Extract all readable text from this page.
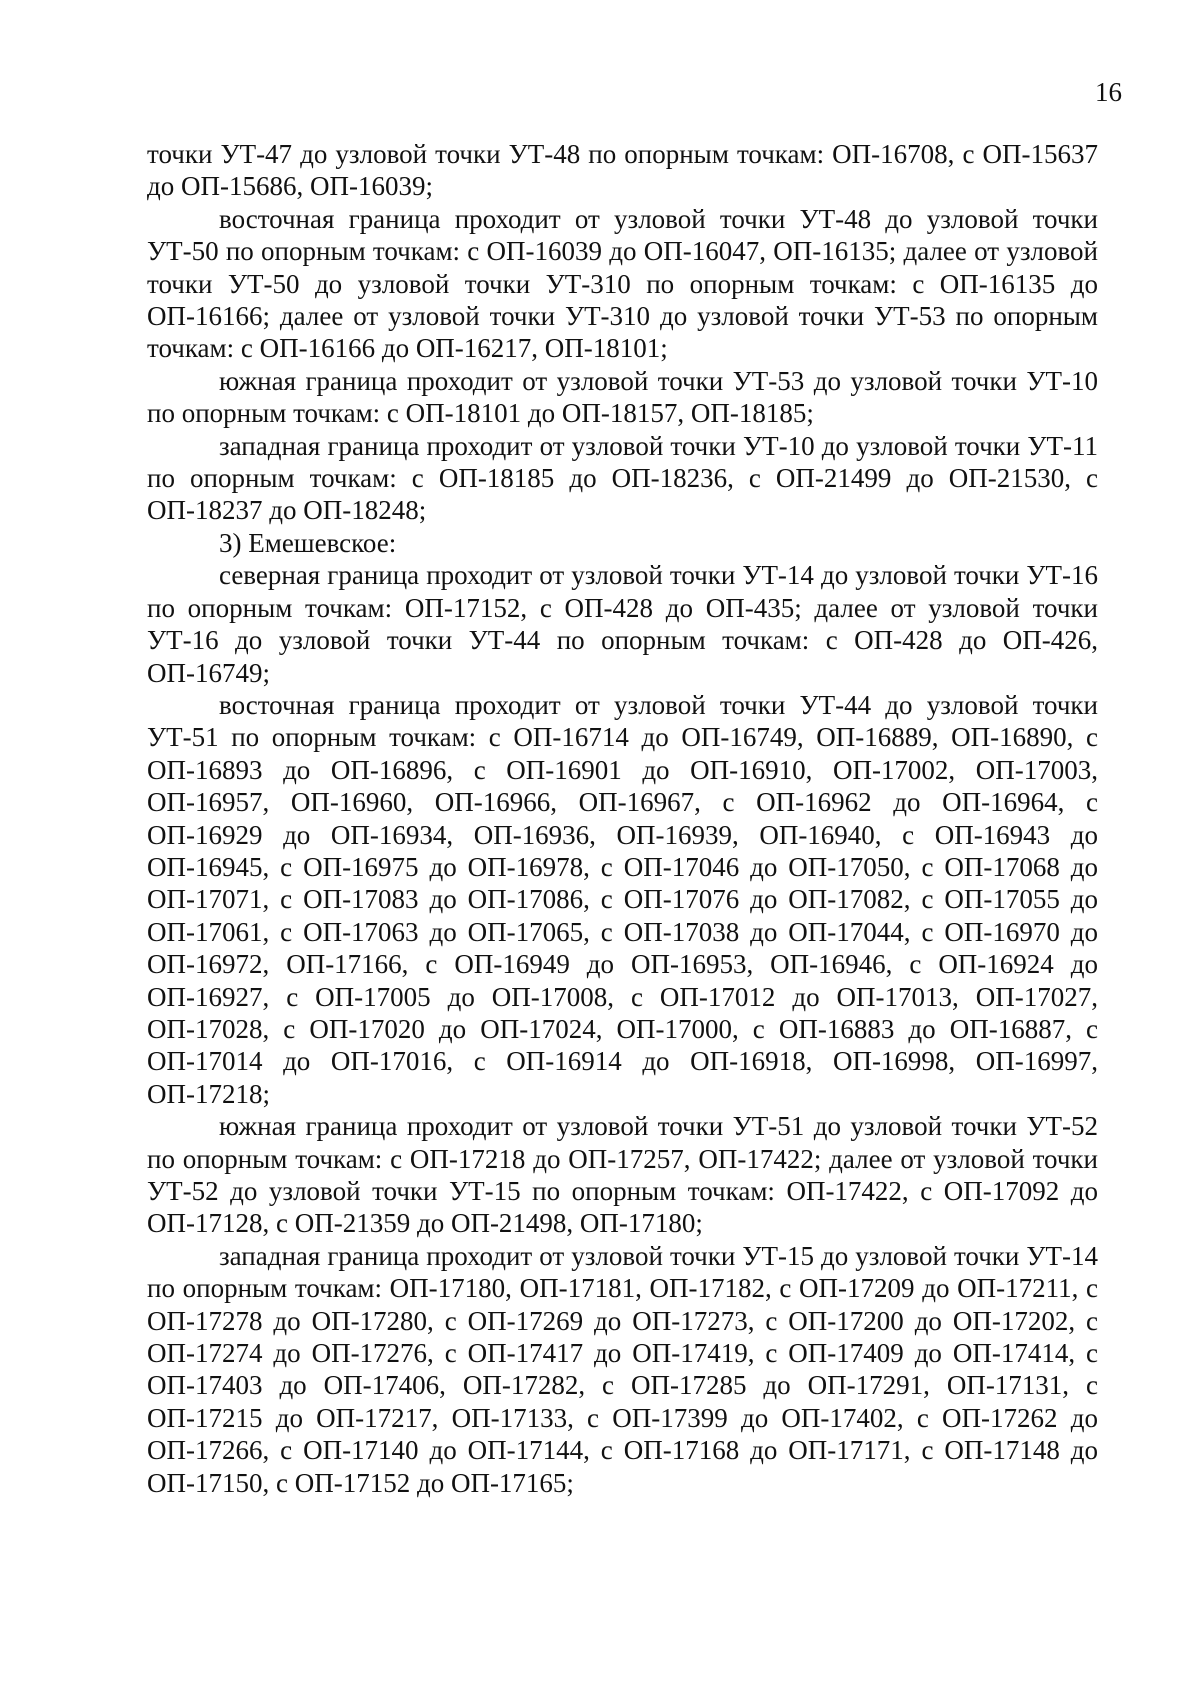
16

точки УТ-47 до узловой точки УТ-48 по опорным точкам: ОП-16708, с ОП-15637 до ОП-15686, ОП-16039;

восточная граница проходит от узловой точки УТ-48 до узловой точки УТ-50 по опорным точкам: с ОП-16039 до ОП-16047, ОП-16135; далее от узловой точки УТ-50 до узловой точки УТ-310 по опорным точкам: с ОП-16135 до ОП-16166; далее от узловой точки УТ-310 до узловой точки УТ-53 по опорным точкам: с ОП-16166 до ОП-16217, ОП-18101;

южная граница проходит от узловой точки УТ-53 до узловой точки УТ-10 по опорным точкам: с ОП-18101 до ОП-18157, ОП-18185;

западная граница проходит от узловой точки УТ-10 до узловой точки УТ-11 по опорным точкам: с ОП-18185 до ОП-18236, с ОП-21499 до ОП-21530, с ОП-18237 до ОП-18248;

3) Емешевское:

северная граница проходит от узловой точки УТ-14 до узловой точки УТ-16 по опорным точкам: ОП-17152, с ОП-428 до ОП-435; далее от узловой точки УТ-16 до узловой точки УТ-44 по опорным точкам: с ОП-428 до ОП-426, ОП-16749;

восточная граница проходит от узловой точки УТ-44 до узловой точки УТ-51 по опорным точкам: с ОП-16714 до ОП-16749, ОП-16889, ОП-16890, с ОП-16893 до ОП-16896, с ОП-16901 до ОП-16910, ОП-17002, ОП-17003, ОП-16957, ОП-16960, ОП-16966, ОП-16967, с ОП-16962 до ОП-16964, с ОП-16929 до ОП-16934, ОП-16936, ОП-16939, ОП-16940, с ОП-16943 до ОП-16945, с ОП-16975 до ОП-16978, с ОП-17046 до ОП-17050, с ОП-17068 до ОП-17071, с ОП-17083 до ОП-17086, с ОП-17076 до ОП-17082, с ОП-17055 до ОП-17061, с ОП-17063 до ОП-17065, с ОП-17038 до ОП-17044, с ОП-16970 до ОП-16972, ОП-17166, с ОП-16949 до ОП-16953, ОП-16946, с ОП-16924 до ОП-16927, с ОП-17005 до ОП-17008, с ОП-17012 до ОП-17013, ОП-17027, ОП-17028, с ОП-17020 до ОП-17024, ОП-17000, с ОП-16883 до ОП-16887, с ОП-17014 до ОП-17016, с ОП-16914 до ОП-16918, ОП-16998, ОП-16997, ОП-17218;

южная граница проходит от узловой точки УТ-51 до узловой точки УТ-52 по опорным точкам: с ОП-17218 до ОП-17257, ОП-17422; далее от узловой точки УТ-52 до узловой точки УТ-15 по опорным точкам: ОП-17422, с ОП-17092 до ОП-17128, с ОП-21359 до ОП-21498, ОП-17180;

западная граница проходит от узловой точки УТ-15 до узловой точки УТ-14 по опорным точкам: ОП-17180, ОП-17181, ОП-17182, с ОП-17209 до ОП-17211, с ОП-17278 до ОП-17280, с ОП-17269 до ОП-17273, с ОП-17200 до ОП-17202, с ОП-17274 до ОП-17276, с ОП-17417 до ОП-17419, с ОП-17409 до ОП-17414, с ОП-17403 до ОП-17406, ОП-17282, с ОП-17285 до ОП-17291, ОП-17131, с ОП-17215 до ОП-17217, ОП-17133, с ОП-17399 до ОП-17402, с ОП-17262 до ОП-17266, с ОП-17140 до ОП-17144, с ОП-17168 до ОП-17171, с ОП-17148 до ОП-17150, с ОП-17152 до ОП-17165;
